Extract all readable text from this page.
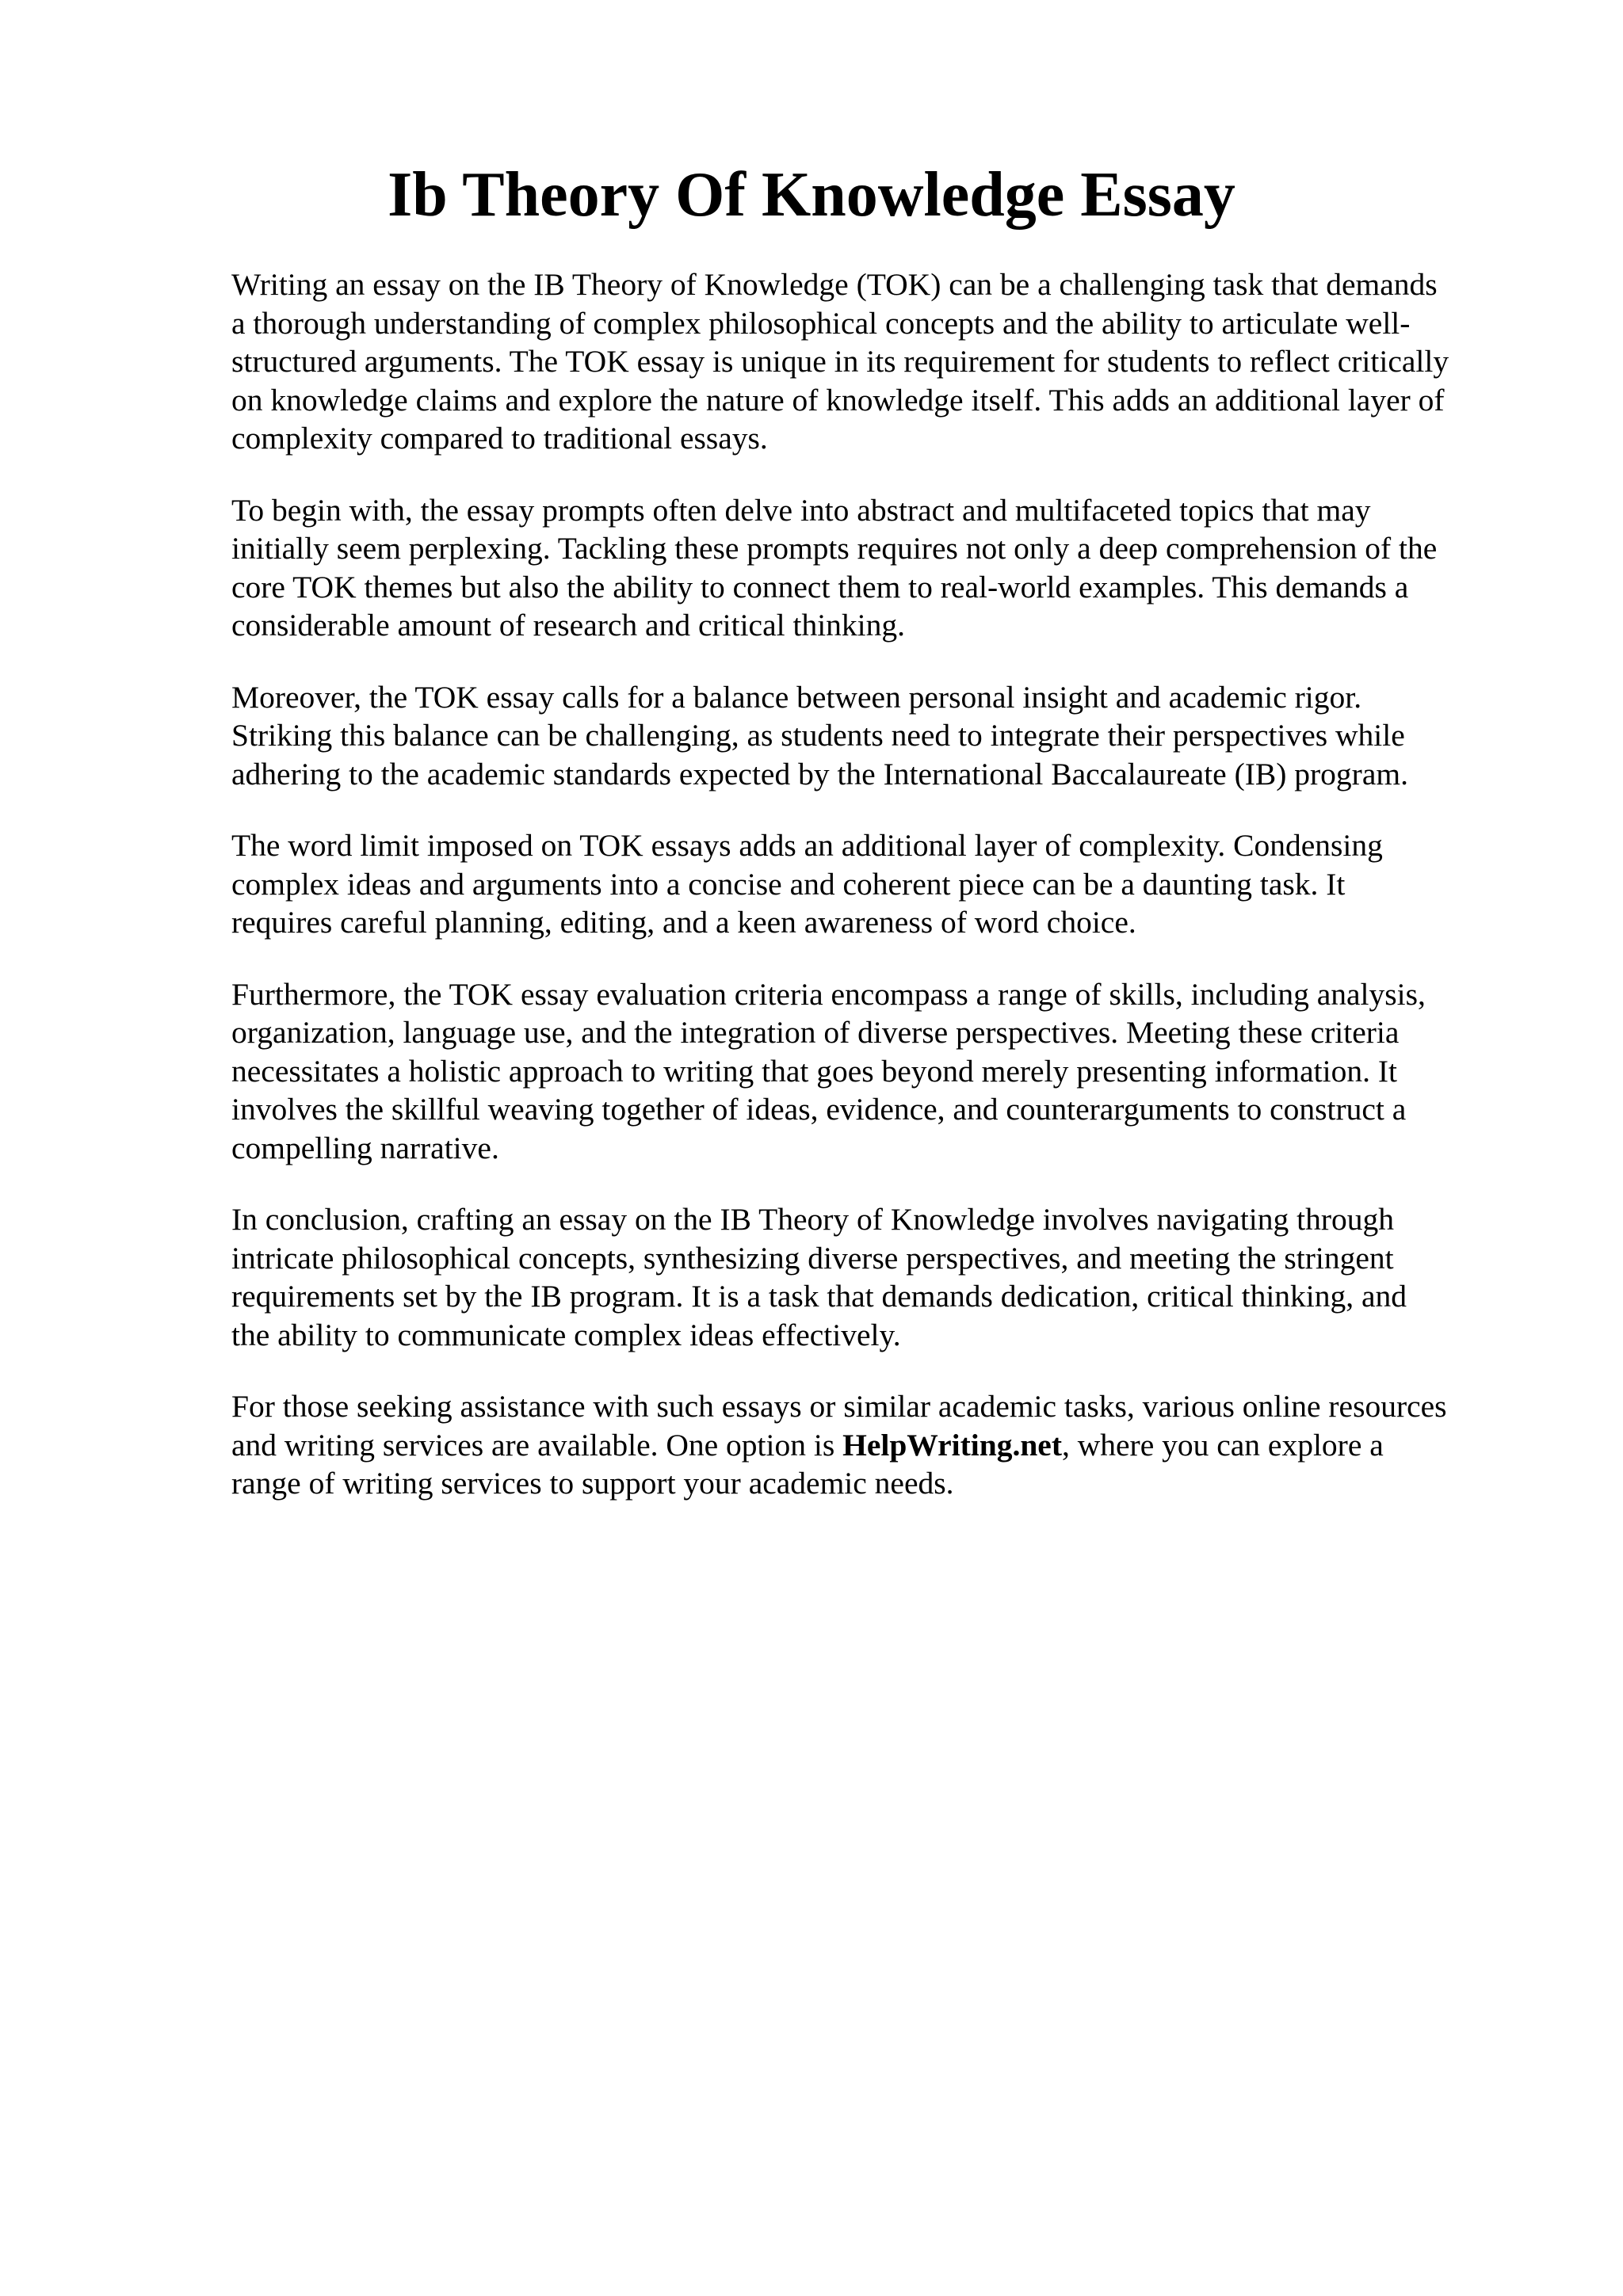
Ib Theory Of Knowledge Essay

Writing an essay on the IB Theory of Knowledge (TOK) can be a challenging task that demands
a thorough understanding of complex philosophical concepts and the ability to articulate well-
structured arguments. The TOK essay is unique in its requirement for students to reflect critically
on knowledge claims and explore the nature of knowledge itself. This adds an additional layer of
complexity compared to traditional essays.

To begin with, the essay prompts often delve into abstract and multifaceted topics that may
initially seem perplexing. Tackling these prompts requires not only a deep comprehension of the
core TOK themes but also the ability to connect them to real-world examples. This demands a
considerable amount of research and critical thinking.

Moreover, the TOK essay calls for a balance between personal insight and academic rigor.
Striking this balance can be challenging, as students need to integrate their perspectives while
adhering to the academic standards expected by the International Baccalaureate (IB) program.

The word limit imposed on TOK essays adds an additional layer of complexity. Condensing
complex ideas and arguments into a concise and coherent piece can be a daunting task. It
requires careful planning, editing, and a keen awareness of word choice.

Furthermore, the TOK essay evaluation criteria encompass a range of skills, including analysis,
organization, language use, and the integration of diverse perspectives. Meeting these criteria
necessitates a holistic approach to writing that goes beyond merely presenting information. It
involves the skillful weaving together of ideas, evidence, and counterarguments to construct a
compelling narrative.

In conclusion, crafting an essay on the IB Theory of Knowledge involves navigating through
intricate philosophical concepts, synthesizing diverse perspectives, and meeting the stringent
requirements set by the IB program. It is a task that demands dedication, critical thinking, and
the ability to communicate complex ideas effectively.

For those seeking assistance with such essays or similar academic tasks, various online resources
and writing services are available. One option is HelpWriting.net, where you can explore a
range of writing services to support your academic needs.
